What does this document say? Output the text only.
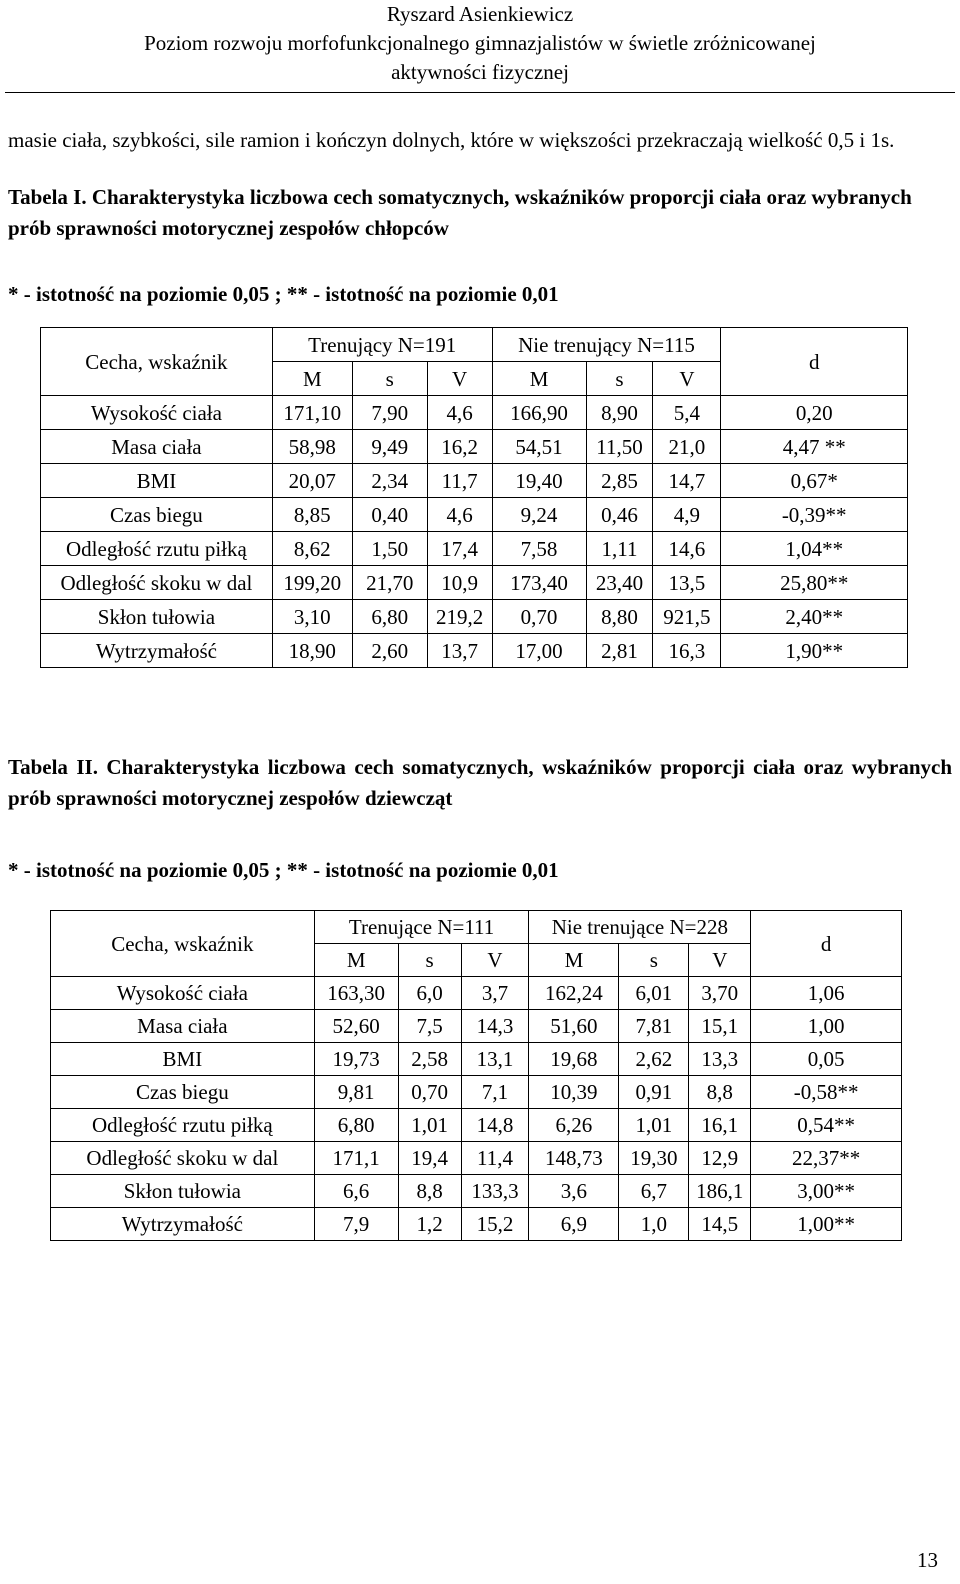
Ryszard Asienkiewicz
Poziom rozwoju morfofunkcjonalnego gimnazjalistów w świetle zróżnicowanej
aktywności fizycznej
masie ciała, szybkości, sile ramion i kończyn dolnych, które w większości przekraczają wielkość 0,5 i 1s.
Tabela I. Charakterystyka liczbowa cech somatycznych, wskaźników proporcji ciała oraz wybranych prób sprawności motorycznej zespołów chłopców
* - istotność na poziomie 0,05 ; ** - istotność na poziomie 0,01
Cecha, wskaźnik	Trenujący N=191			Nie trenujący N=115			d
	M	s	V	M	s	V	
Wysokość ciała	171,10	7,90	4,6	166,90	8,90	5,4	0,20
Masa ciała	58,98	9,49	16,2	54,51	11,50	21,0	4,47 **
BMI	20,07	2,34	11,7	19,40	2,85	14,7	0,67*
Czas biegu	8,85	0,40	4,6	9,24	0,46	4,9	-0,39**
Odległość rzutu piłką	8,62	1,50	17,4	7,58	1,11	14,6	1,04**
Odległość skoku w dal	199,20	21,70	10,9	173,40	23,40	13,5	25,80**
Skłon tułowia	3,10	6,80	219,2	0,70	8,80	921,5	2,40**
Wytrzymałość	18,90	2,60	13,7	17,00	2,81	16,3	1,90**
Tabela II. Charakterystyka liczbowa cech somatycznych, wskaźników proporcji ciała oraz wybranych prób sprawności motorycznej zespołów dziewcząt
* - istotność na poziomie 0,05 ; ** - istotność na poziomie 0,01
Cecha, wskaźnik	Trenujące N=111			Nie trenujące N=228			d
	M	s	V	M	s	V	
Wysokość ciała	163,30	6,0	3,7	162,24	6,01	3,70	1,06
Masa ciała	52,60	7,5	14,3	51,60	7,81	15,1	1,00
BMI	19,73	2,58	13,1	19,68	2,62	13,3	0,05
Czas biegu	9,81	0,70	7,1	10,39	0,91	8,8	-0,58**
Odległość rzutu piłką	6,80	1,01	14,8	6,26	1,01	16,1	0,54**
Odległość skoku w dal	171,1	19,4	11,4	148,73	19,30	12,9	22,37**
Skłon tułowia	6,6	8,8	133,3	3,6	6,7	186,1	3,00**
Wytrzymałość	7,9	1,2	15,2	6,9	1,0	14,5	1,00**
13
